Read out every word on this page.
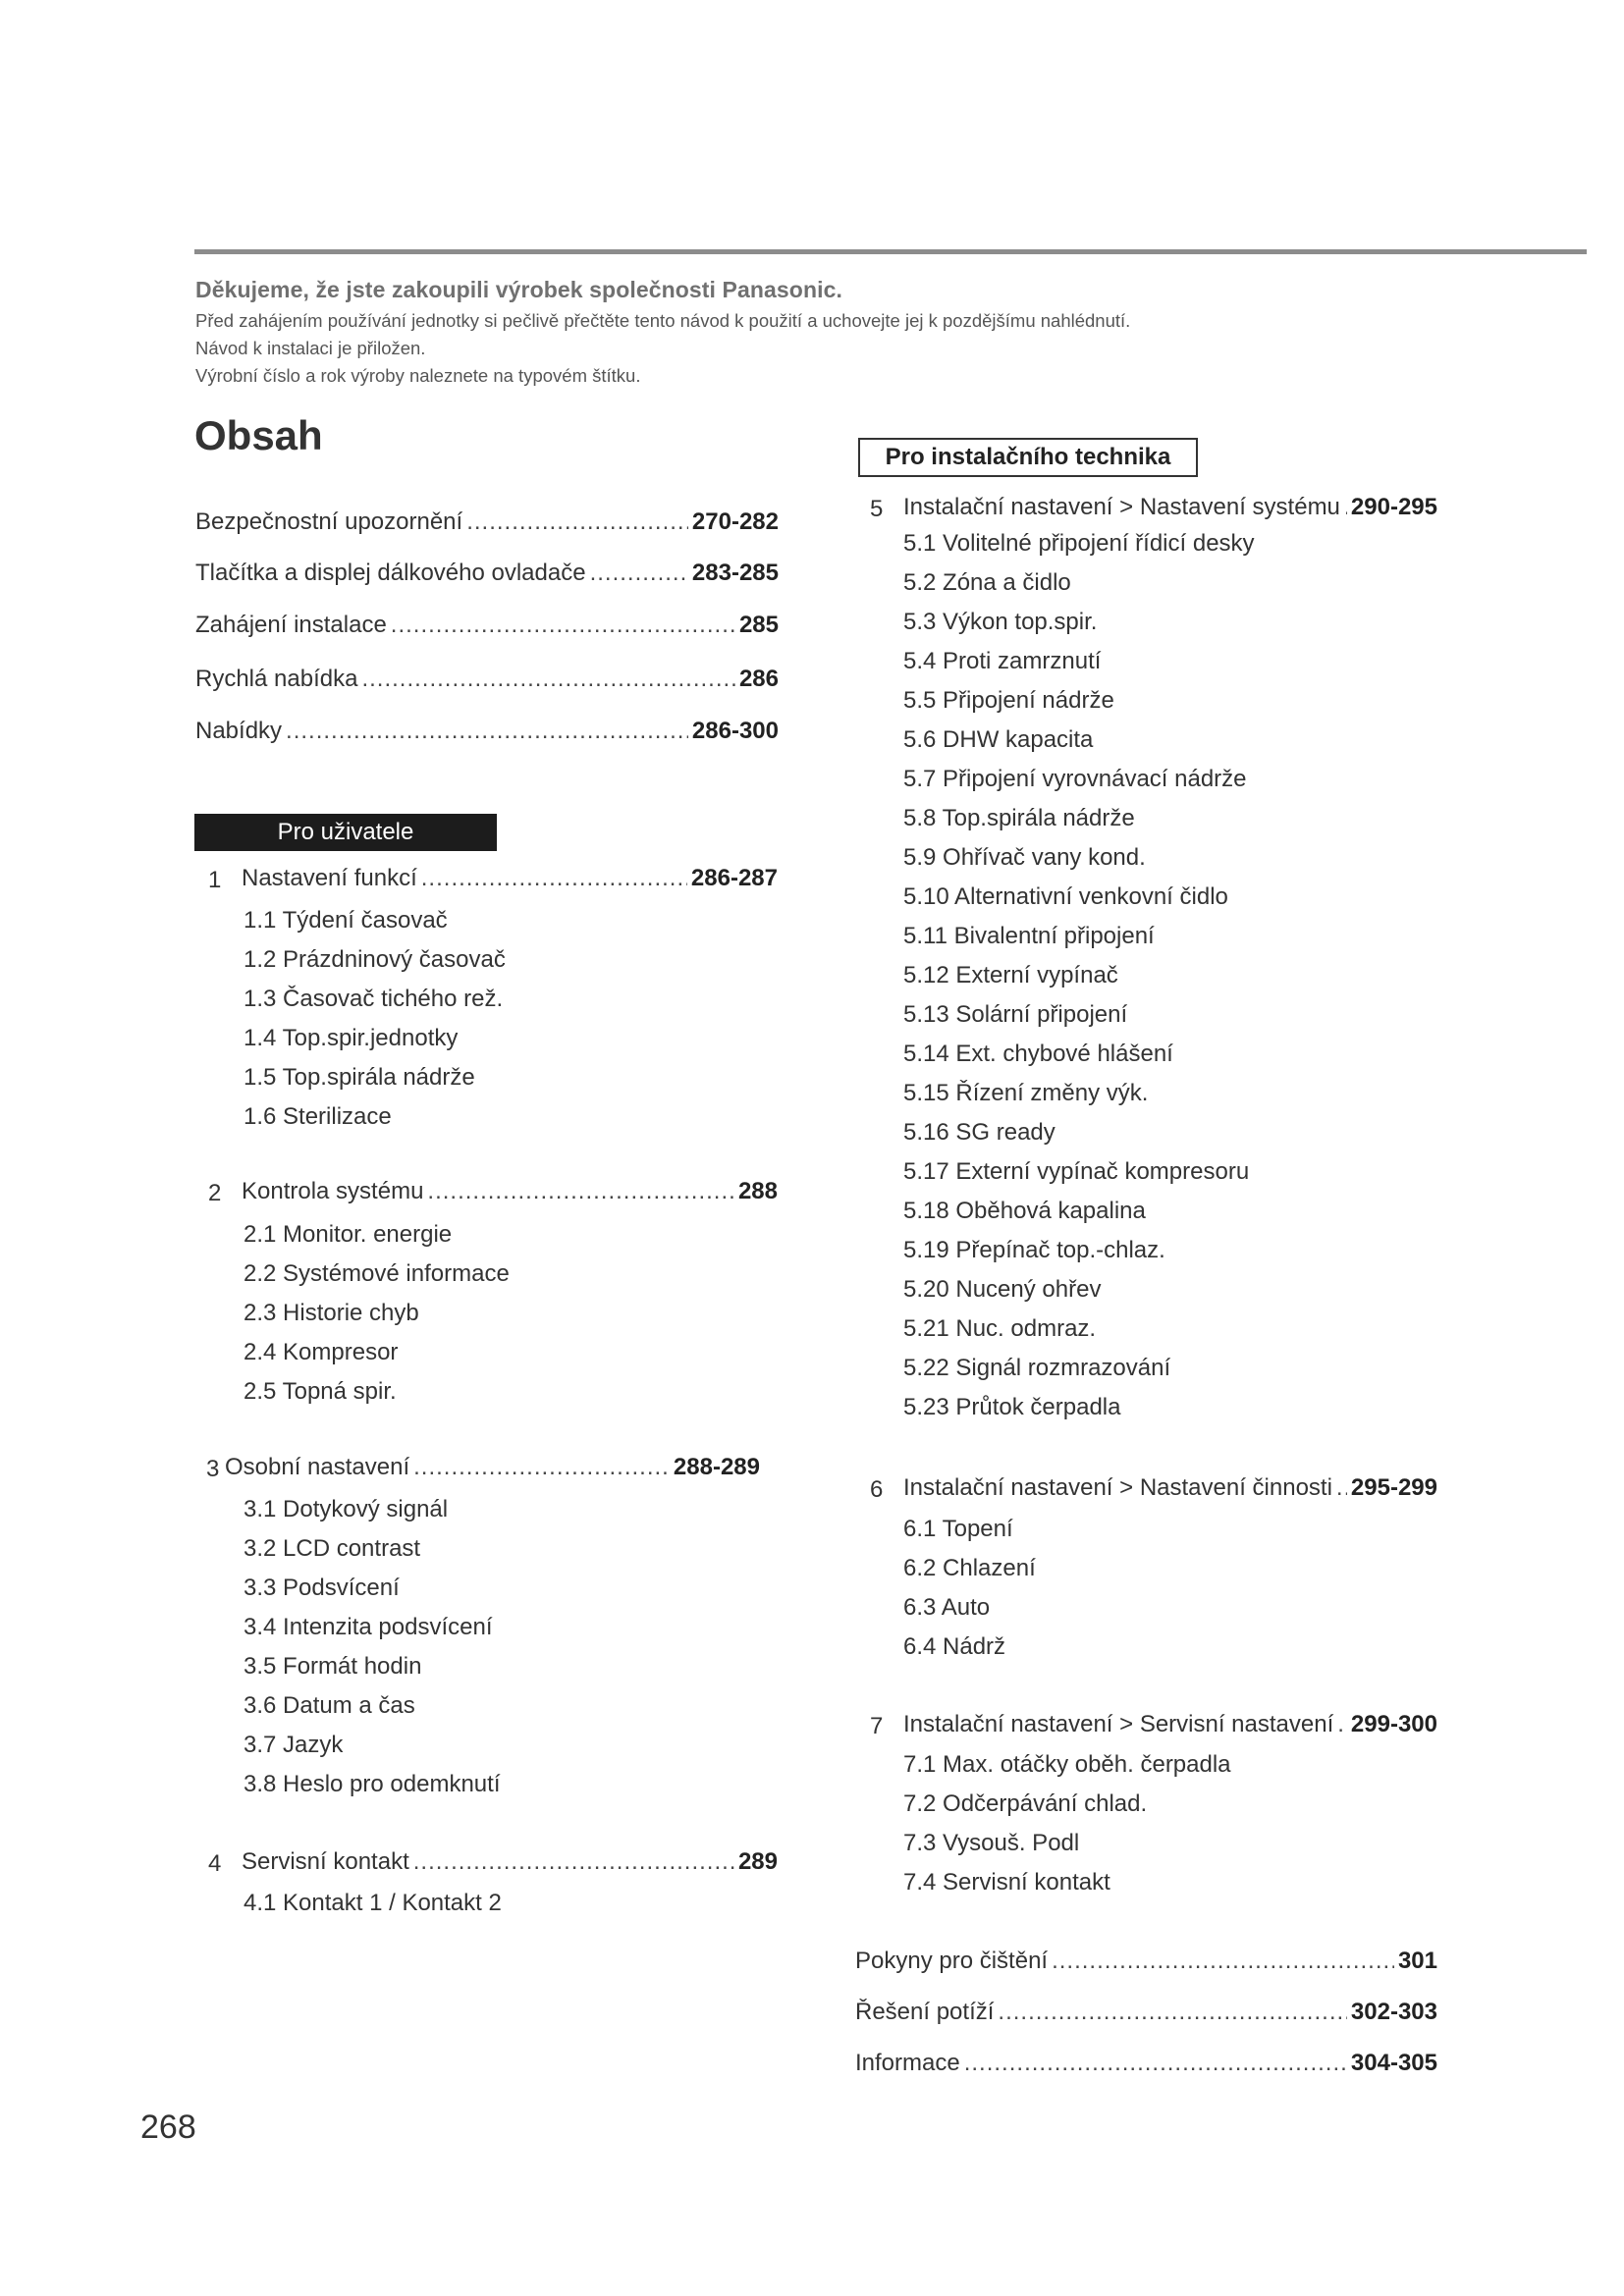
Děkujeme, že jste zakoupili výrobek společnosti Panasonic.
Před zahájením používání jednotky si pečlivě přečtěte tento návod k použití a uchovejte jej k pozdějšímu nahlédnutí.
Návod k instalaci je přiložen.
Výrobní číslo a rok výroby naleznete na typovém štítku.
Obsah
Bezpečnostní upozornění .....	270-282
Tlačítka a displej dálkového ovladače .....	283-285
Zahájení instalace .....	285
Rychlá nabídka .....	286
Nabídky .....	286-300
Pro uživatele
1 Nastavení funkcí .....	286-287
1.1 Týdení časovač
1.2 Prázdninový časovač
1.3 Časovač tichého rež.
1.4 Top.spir.jednotky
1.5 Top.spirála nádrže
1.6 Sterilizace
2 Kontrola systému .....	288
2.1 Monitor. energie
2.2 Systémové informace
2.3 Historie chyb
2.4 Kompresor
2.5 Topná spir.
3 Osobní nastavení .....	288-289
3.1 Dotykový signál
3.2 LCD contrast
3.3 Podsvícení
3.4 Intenzita podsvícení
3.5 Formát hodin
3.6 Datum a čas
3.7 Jazyk
3.8 Heslo pro odemknutí
4 Servisní kontakt .....	289
4.1 Kontakt 1 / Kontakt 2
Pro instalačního technika
5 Instalační nastavení > Nastavení systému ..... 290-295
5.1 Volitelné připojení řídicí desky
5.2 Zóna a čidlo
5.3 Výkon top.spir.
5.4 Proti zamrznutí
5.5 Připojení nádrže
5.6 DHW kapacita
5.7 Připojení vyrovnávací nádrže
5.8 Top.spirála nádrže
5.9 Ohřívač vany kond.
5.10 Alternativní venkovní čidlo
5.11 Bivalentní připojení
5.12 Externí vypínač
5.13 Solární připojení
5.14 Ext. chybové hlášení
5.15 Řízení změny výk.
5.16 SG ready
5.17 Externí vypínač kompresoru
5.18 Oběhová kapalina
5.19 Přepínač top.-chlaz.
5.20 Nucený ohřev
5.21 Nuc. odmraz.
5.22 Signál rozmrazování
5.23 Průtok čerpadla
6 Instalační nastavení > Nastavení činnosti ..... 295-299
6.1 Topení
6.2 Chlazení
6.3 Auto
6.4 Nádrž
7 Instalační nastavení > Servisní nastavení ..... 299-300
7.1 Max. otáčky oběh. čerpadla
7.2 Odčerpávání chlad.
7.3 Vysouš. Podl
7.4 Servisní kontakt
Pokyny pro čištění .....	301
Řešení potíží .....	302-303
Informace .....	304-305
268
